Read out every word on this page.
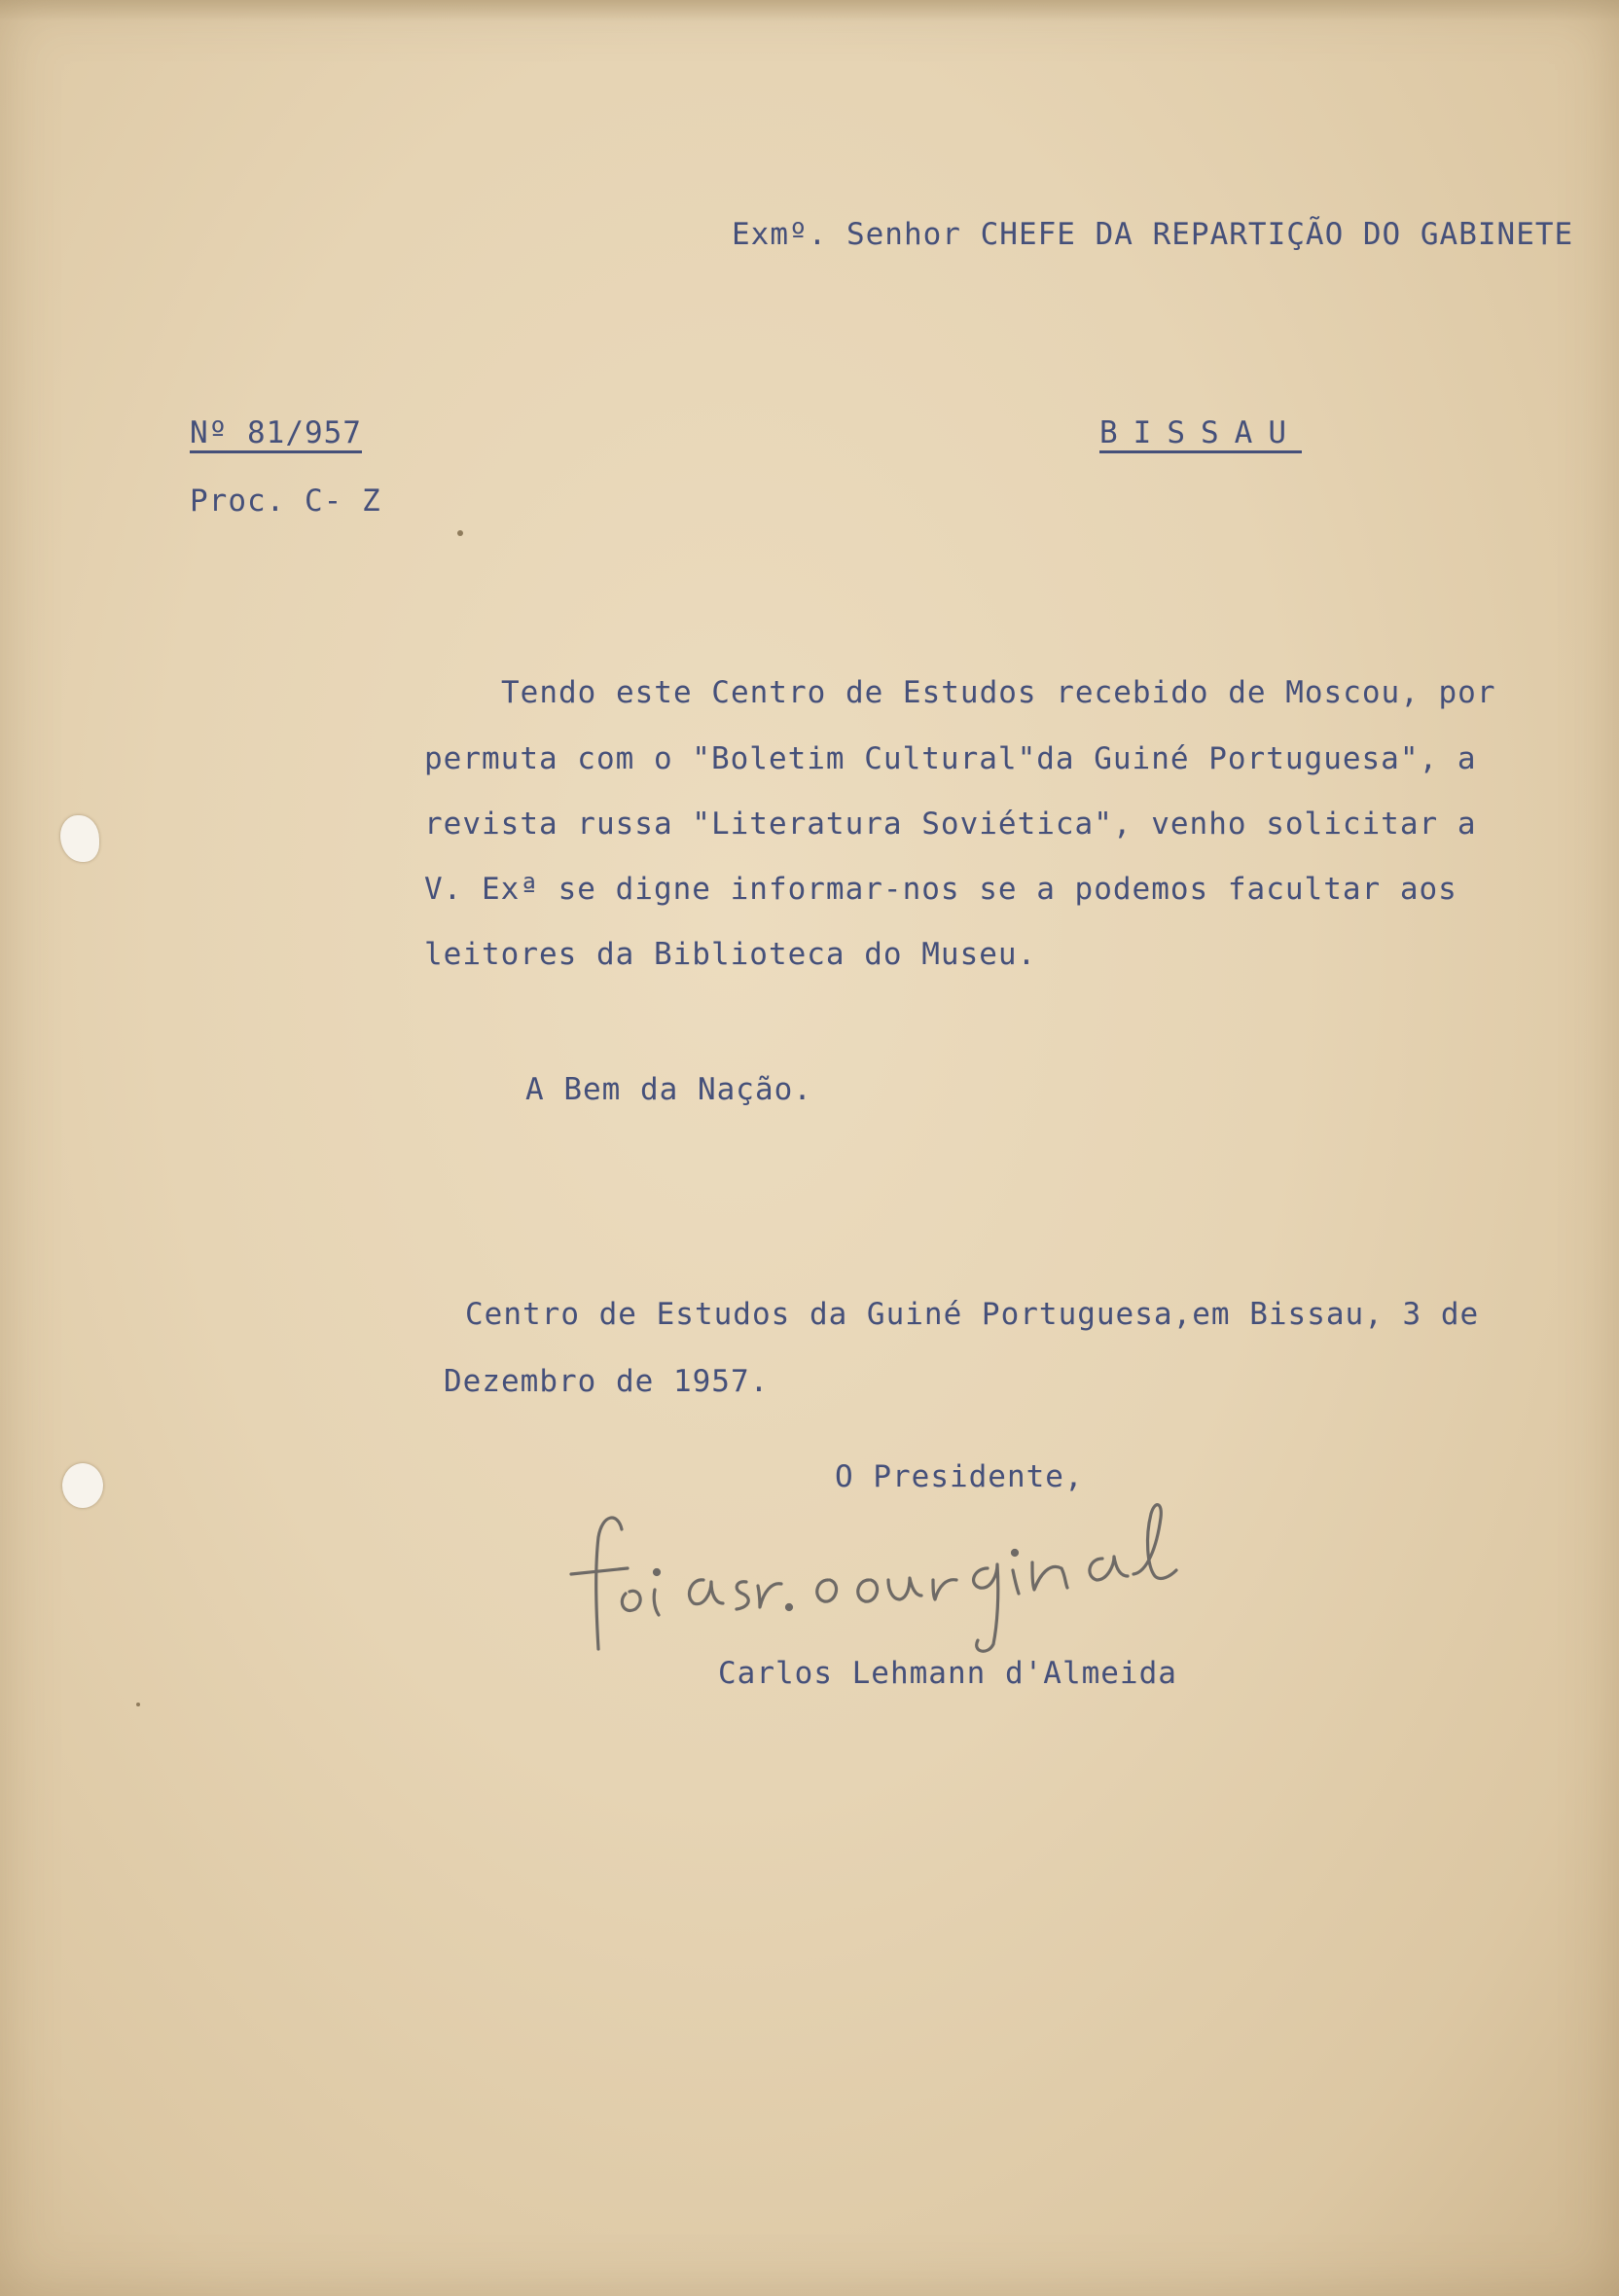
Exmº. Senhor CHEFE DA REPARTIÇÃO DO GABINETE
Nº 81/957	BISSAU
Proc. C- Z
Tendo este Centro de Estudos recebido de Moscou, por
permuta com o "Boletim Cultural"da Guiné Portuguesa", a
revista russa "Literatura Soviética", venho solicitar a
V. Exª se digne informar-nos se a podemos facultar aos
leitores da Biblioteca do Museu.
A Bem da Nação.
Centro de Estudos da Guiné Portuguesa,em Bissau, 3 de
Dezembro de 1957.
O Presidente,
Carlos Lehmann d'Almeida
